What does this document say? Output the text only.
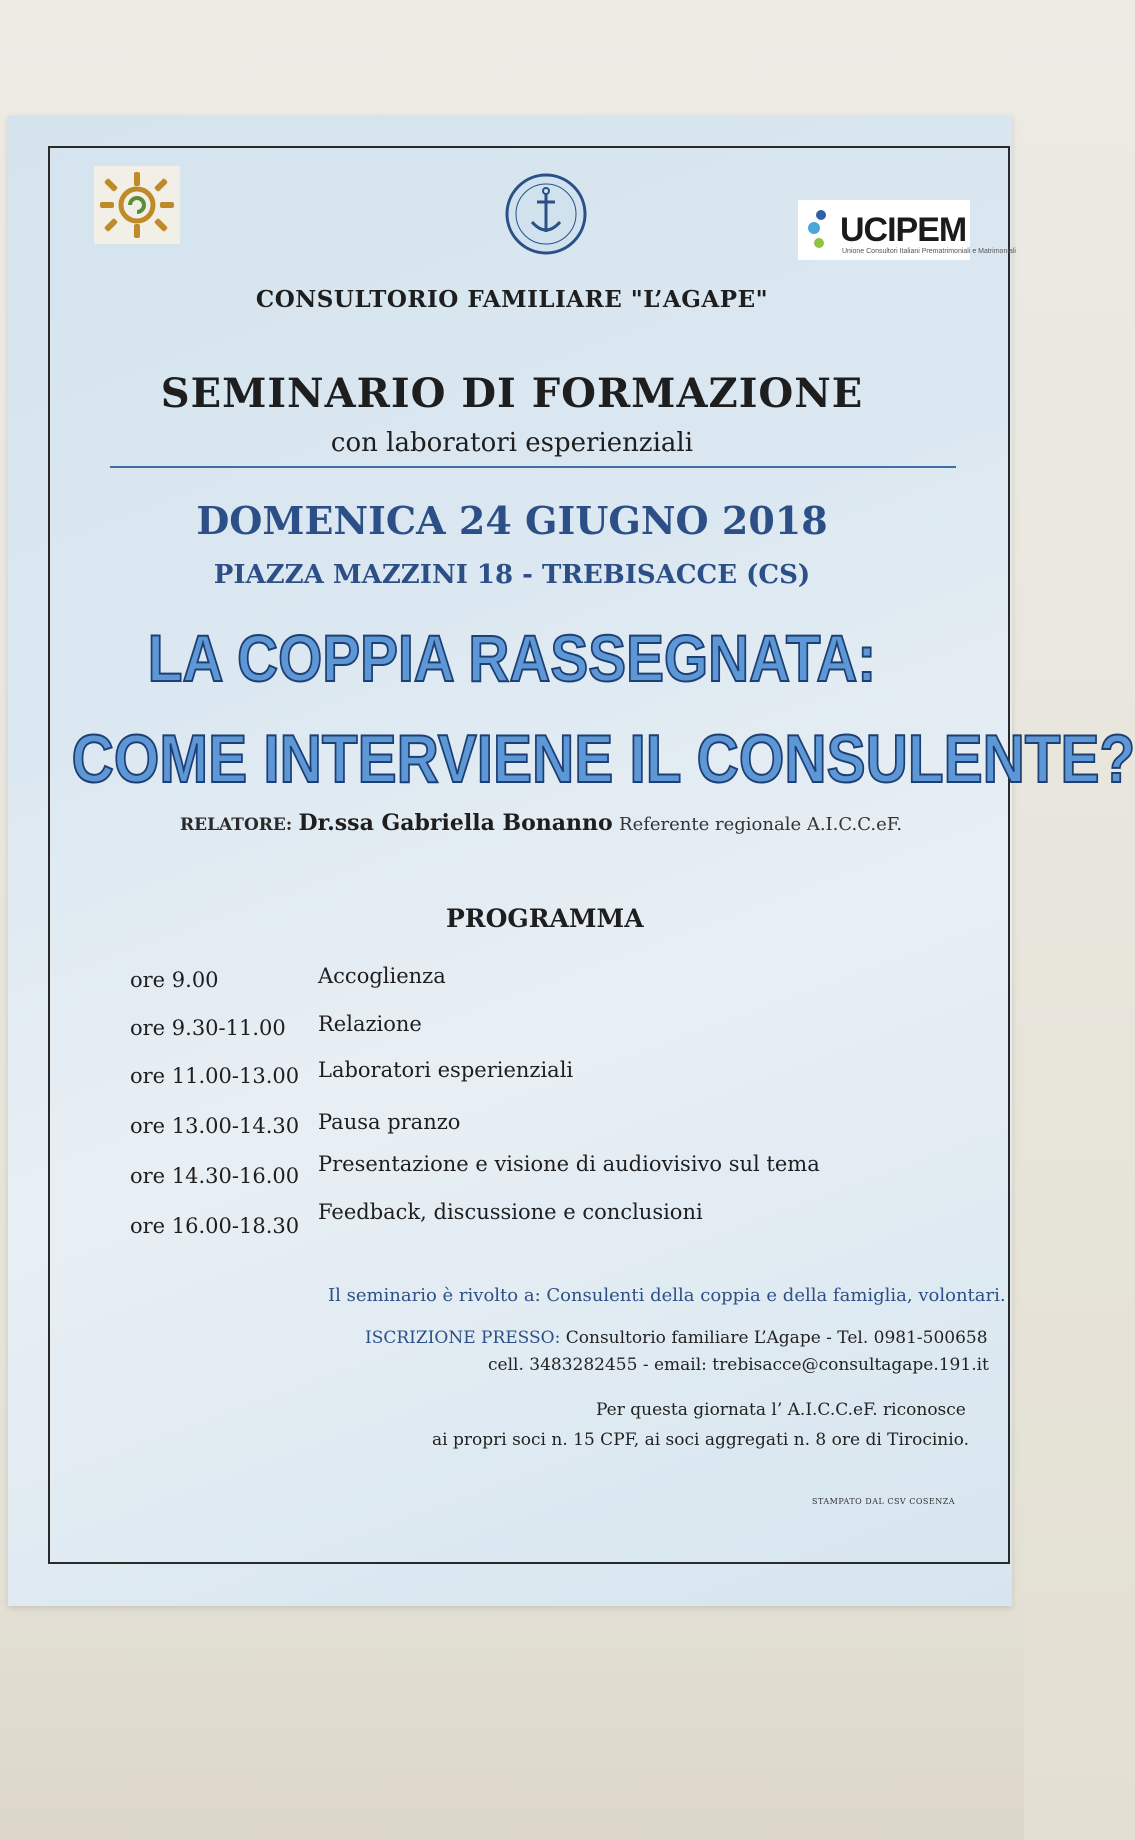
UCIPEM
Unione Consultori Italiani Prematrimoniali e Matrimoniali
CONSULTORIO FAMILIARE "L’AGAPE"
SEMINARIO DI FORMAZIONE
con laboratori esperienziali
DOMENICA 24 GIUGNO 2018
PIAZZA MAZZINI 18 - TREBISACCE (CS)
LA COPPIA RASSEGNATA:
COME INTERVIENE IL CONSULENTE?
RELATORE: Dr.ssa Gabriella Bonanno Referente regionale A.I.C.C.eF.
PROGRAMMA
ore 9.00	Accoglienza
ore 9.30-11.00 Relazione
ore 11.00-13.00 Laboratori esperienziali
ore 13.00-14.30 Pausa pranzo
ore 14.30-16.00 Presentazione e visione di audiovisivo sul tema
ore 16.00-18.30
Feedback, discussione e conclusioni
Il seminario è rivolto a: Consulenti della coppia e della famiglia, volontari.
ISCRIZIONE PRESSO: Consultorio familiare L’Agape - Tel. 0981-500658
cell. 3483282455 - email: trebisacce@consultagape.191.it
Per questa giornata l’ A.I.C.C.eF. riconosce
ai propri soci n. 15 CPF, ai soci aggregati n. 8 ore di Tirocinio.
STAMPATO DAL CSV COSENZA
